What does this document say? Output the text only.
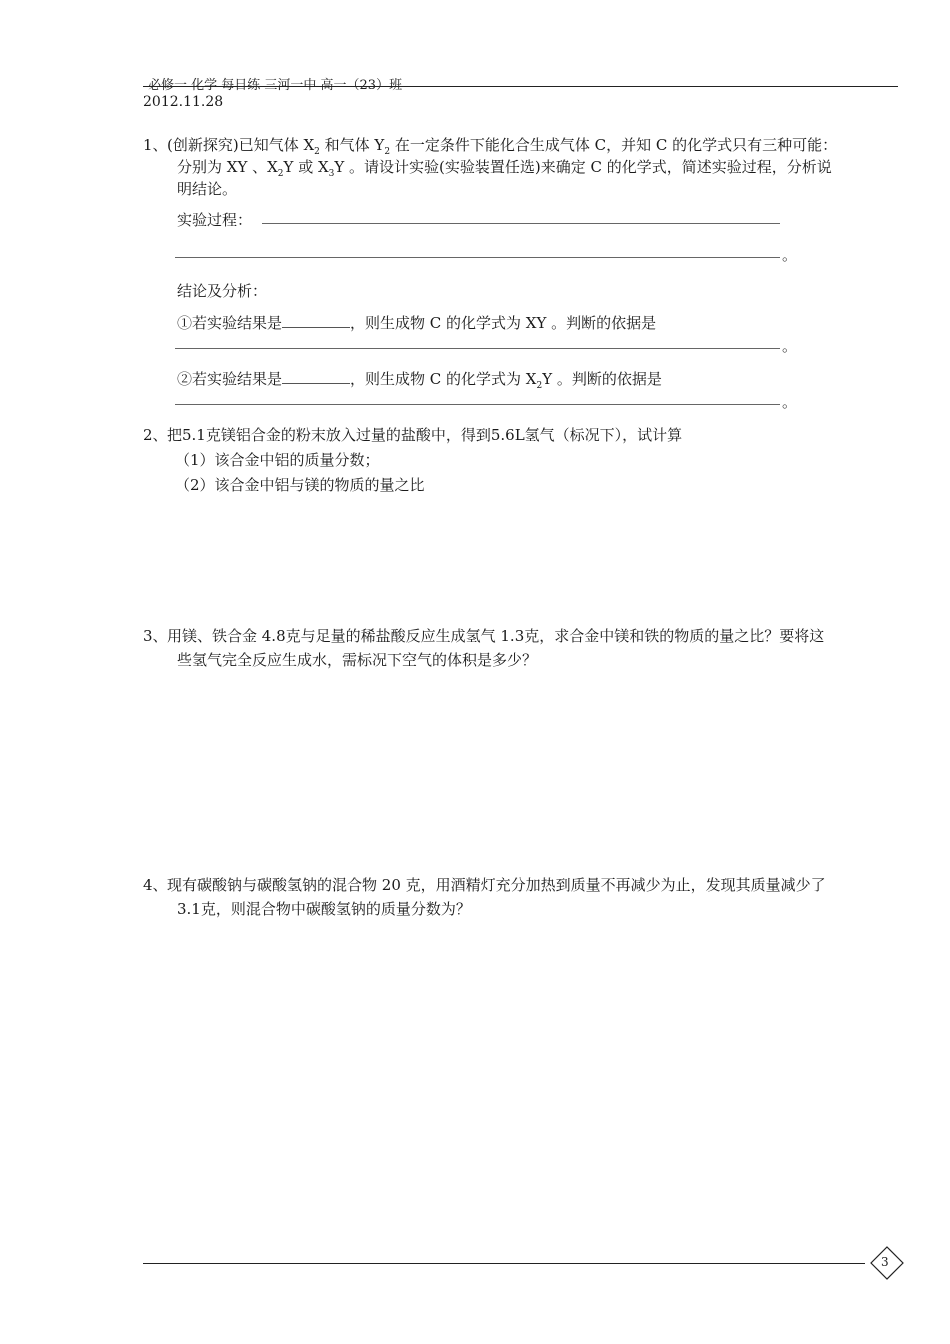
必修一 化学 每日练 三河一中 高一（23）班
2012.11.28
1、 (创新探究)已知气体 $X_2$ 和气体 $Y_2$ 在一定条件下能化合生成气体 C，并知 C 的化学式只有三种可能：
分别为 XY 、$X_2Y$ 或 $X_3Y$ 。请设计实验(实验装置任选)来确定 C 的化学式，简述实验过程，分析说
明结论。
实验过程：
。
结论及分析：
①若实验结果是	，则生成物 C 的化学式为 XY 。判断的依据是
。
②若实验结果是	，则生成物 C 的化学式为 $X_2Y$ 。判断的依据是
。
2、 把5.1克镁铝合金的粉末放入过量的盐酸中，得到5.6L氢气（标况下），试计算
（1）该合金中铝的质量分数；
（2）该合金中铝与镁的物质的量之比
3、 用镁、铁合金 4.8克与足量的稀盐酸反应生成氢气 1.3克，求合金中镁和铁的物质的量之比？要将这
些氢气完全反应生成水，需标况下空气的体积是多少？
4、 现有碳酸钠与碳酸氢钠的混合物 20 克，用酒精灯充分加热到质量不再减少为止，发现其质量减少了
3.1克，则混合物中碳酸氢钠的质量分数为？
3
